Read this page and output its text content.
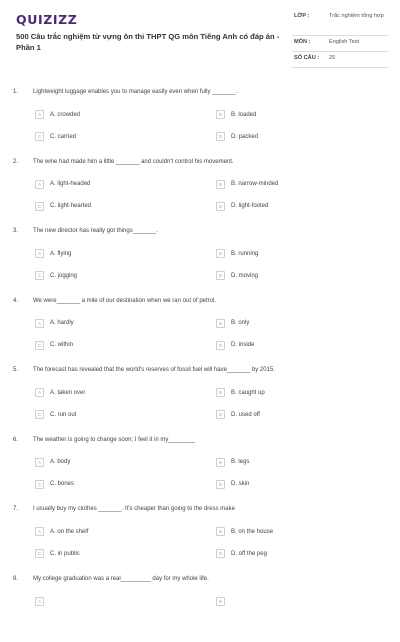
QUIZIZZ
500 Câu trắc nghiệm từ vựng ôn thi THPT QG môn Tiếng Anh có đáp án - Phần 1
LỚP :	Trắc nghiệm tổng hợp
MÔN :	English Test
SỐ CÂU : 25
1. Lightweight luggage enables you to manage easily even when fully _______.
A	A. crowded	B	B. loaded
C	C. carried	D	D. packed
2. The wine had made him a little _______ and couldn't control his movement.
A	A. light-headed	B	B. narrow-minded
C	C. light-hearted	D	D. light-footed
3. The new director has really got things_______.
A	A. flying	B	B. running
C	C. jogging	D	D. moving
4. We were_______ a mile of our destination when we ran out of petrol.
A	A. hardly	B	B. only
C	C. within	D	D. inside
5. The forecast has revealed that the world's reserves of fossil fuel will have_______ by 2015.
A	A. taken over	B	B. caught up
C	C. run out	D	D. used off
6. The weather is going to change soon; I feel it in my________
A	A. body	B	B. legs
C	C. bones	D	D. skin
7. I usually buy my clothes _______. It's cheaper than going to the dress make
A	A. on the shelf	B	B. on the house
C	C. in public	D	D. off the peg
8. My college graduation was a real_________ day for my whole life.
A	B
